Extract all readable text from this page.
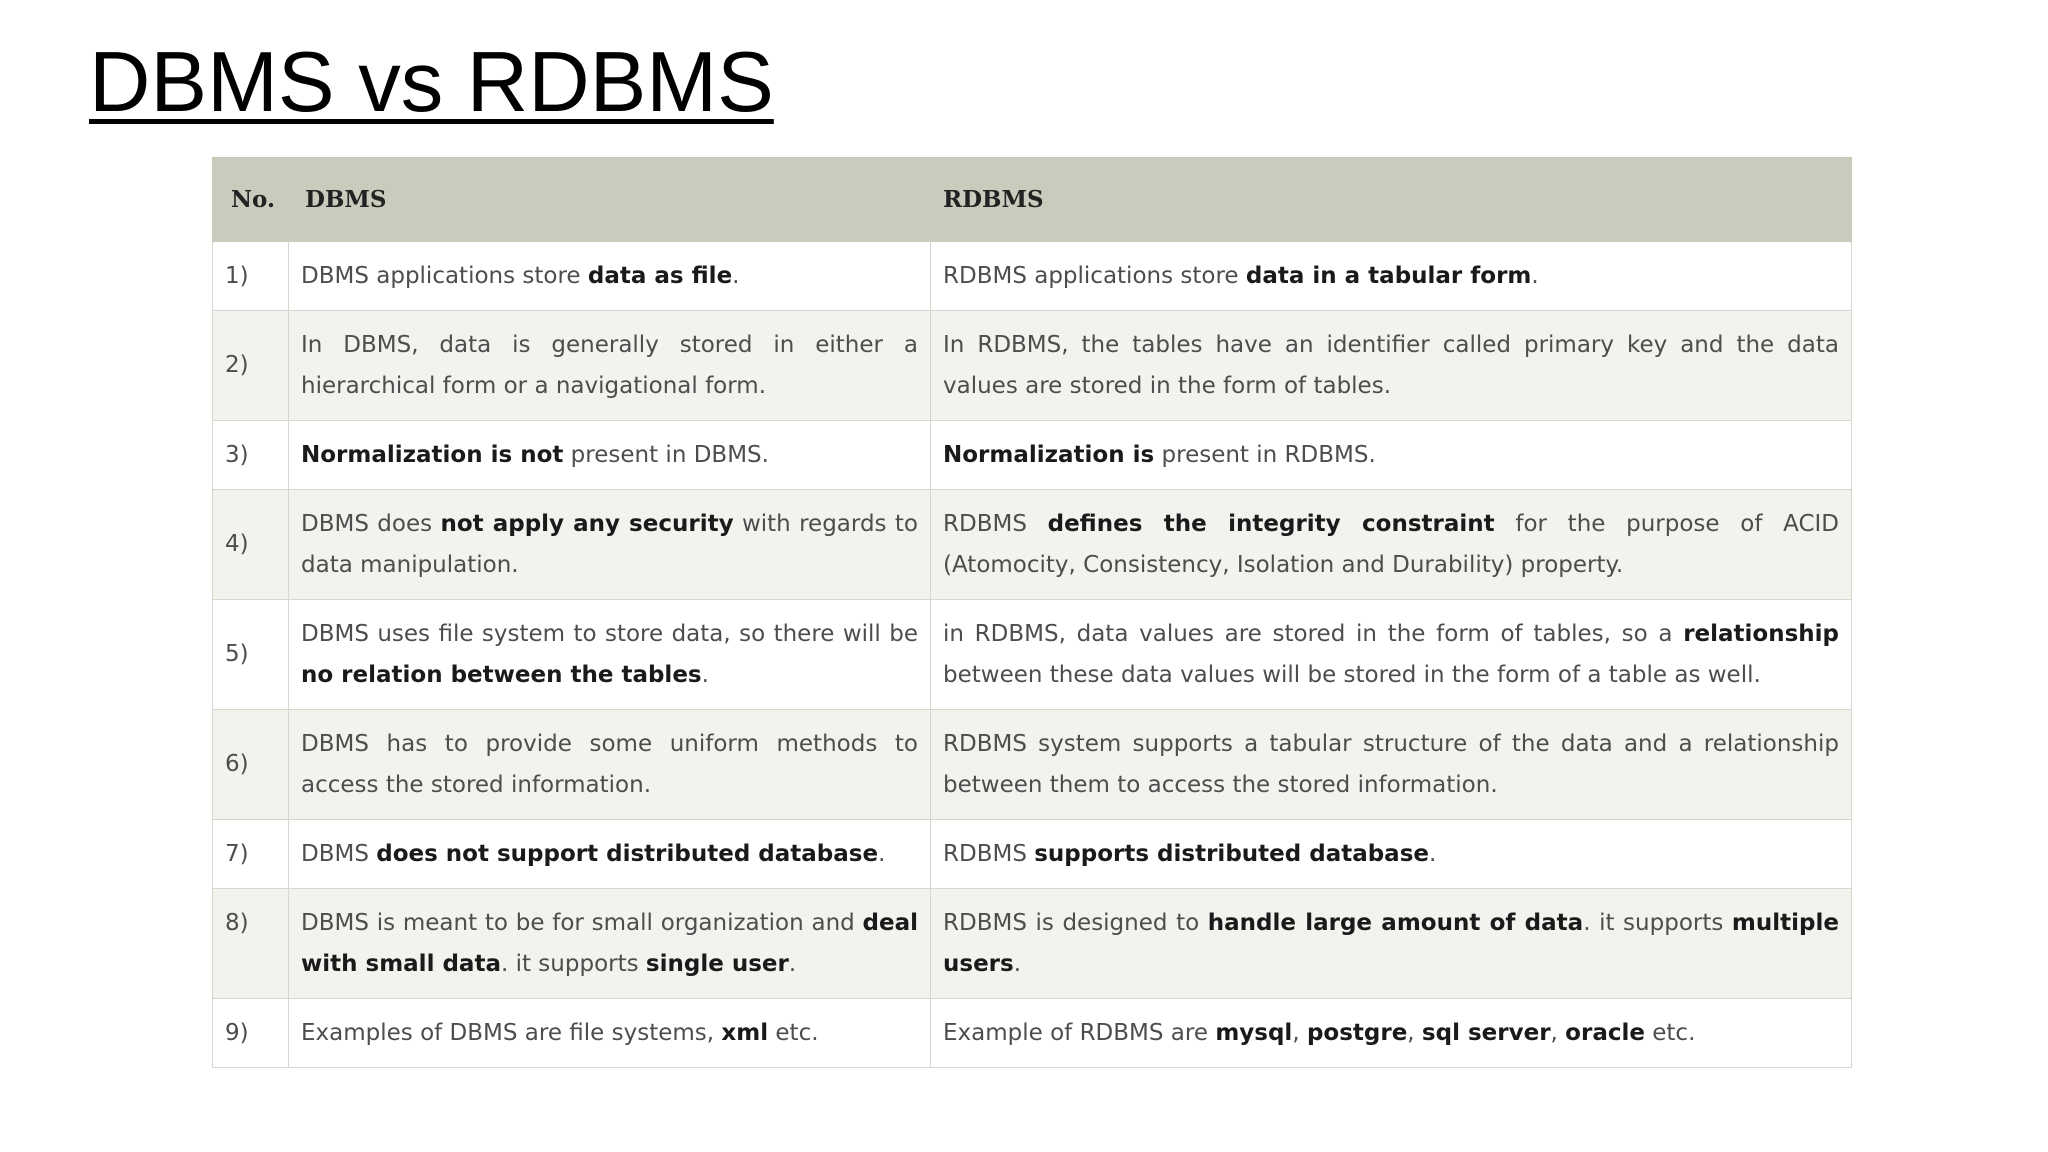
DBMS vs RDBMS
No.	DBMS	RDBMS
1)	DBMS applications store data as file.	RDBMS applications store data in a tabular form.
2)	In DBMS, data is generally stored in either a hierarchical form or a navigational form.	In RDBMS, the tables have an identifier called primary key and the data values are stored in the form of tables.
3)	Normalization is not present in DBMS.	Normalization is present in RDBMS.
4)	DBMS does not apply any security with regards to data manipulation.	RDBMS defines the integrity constraint for the purpose of ACID (Atomocity, Consistency, Isolation and Durability) property.
5)	DBMS uses file system to store data, so there will be no relation between the tables.	in RDBMS, data values are stored in the form of tables, so a relationship between these data values will be stored in the form of a table as well.
6)	DBMS has to provide some uniform methods to access the stored information.	RDBMS system supports a tabular structure of the data and a relationship between them to access the stored information.
7)	DBMS does not support distributed database.	RDBMS supports distributed database.
8)	DBMS is meant to be for small organization and deal with small data. it supports single user.	RDBMS is designed to handle large amount of data. it supports multiple users.
9)	Examples of DBMS are file systems, xml etc.	Example of RDBMS are mysql, postgre, sql server, oracle etc.
